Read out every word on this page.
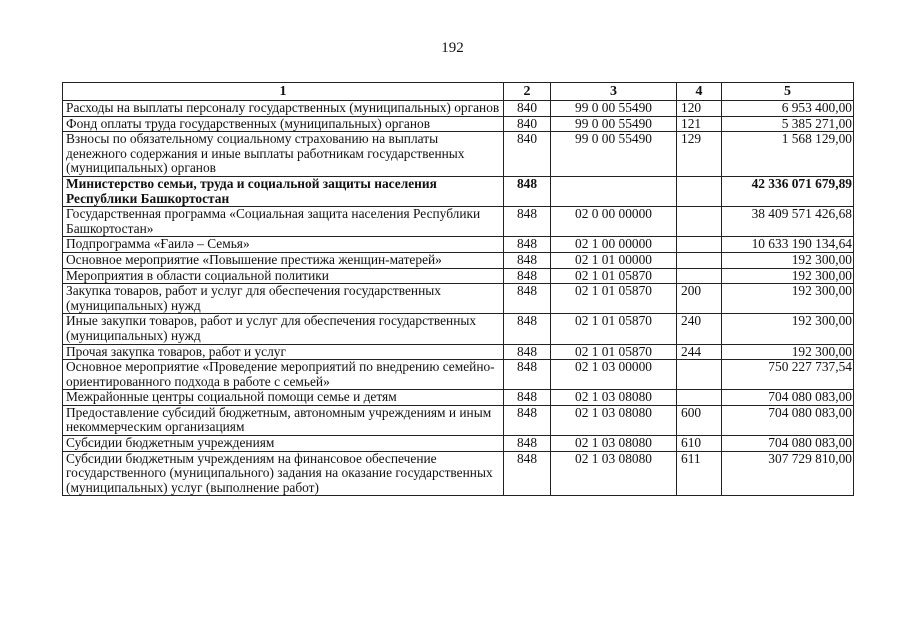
192
1	2	3	4	5
Расходы на выплаты персоналу государственных (муниципальных) органов	840	99 0 00 55490	120	6 953 400,00
Фонд оплаты труда государственных (муниципальных) органов	840	99 0 00 55490	121	5 385 271,00
Взносы по обязательному социальному страхованию на выплаты денежного содержания и иные выплаты работникам государственных (муниципальных) органов	840	99 0 00 55490	129	1 568 129,00
Министерство семьи, труда и социальной защиты населения Республики Башкортостан	848			42 336 071 679,89
Государственная программа «Социальная защита населения Республики Башкортостан»	848	02 0 00 00000		38 409 571 426,68
Подпрограмма «Ғаилә – Семья»	848	02 1 00 00000		10 633 190 134,64
Основное мероприятие «Повышение престижа женщин-матерей»	848	02 1 01 00000		192 300,00
Мероприятия в области социальной политики	848	02 1 01 05870		192 300,00
Закупка товаров, работ и услуг для обеспечения государственных (муниципальных) нужд	848	02 1 01 05870	200	192 300,00
Иные закупки товаров, работ и услуг для обеспечения государственных (муниципальных) нужд	848	02 1 01 05870	240	192 300,00
Прочая закупка товаров, работ и услуг	848	02 1 01 05870	244	192 300,00
Основное мероприятие «Проведение мероприятий по внедрению семейно-ориентированного подхода в работе с семьей»	848	02 1 03 00000		750 227 737,54
Межрайонные центры социальной помощи семье и детям	848	02 1 03 08080		704 080 083,00
Предоставление субсидий бюджетным, автономным учреждениям и иным некоммерческим организациям	848	02 1 03 08080	600	704 080 083,00
Субсидии бюджетным учреждениям	848	02 1 03 08080	610	704 080 083,00
Субсидии бюджетным учреждениям на финансовое обеспечение государственного (муниципального) задания на оказание государственных (муниципальных) услуг (выполнение работ)	848	02 1 03 08080	611	307 729 810,00
